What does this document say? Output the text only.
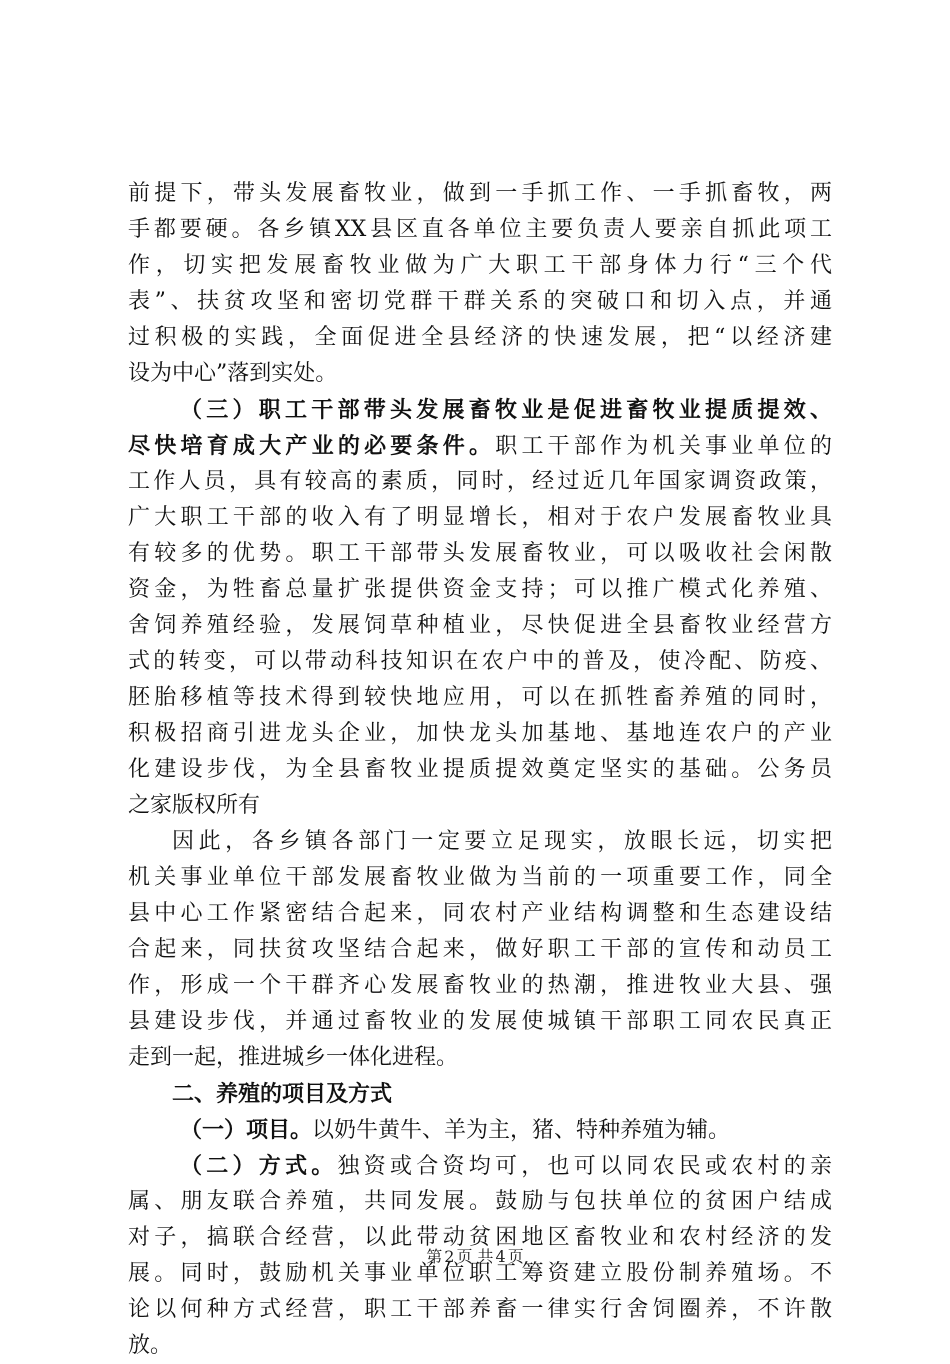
前提下，带头发展畜牧业，做到一手抓工作、一手抓畜牧，两
手都要硬。各乡镇XX县区直各单位主要负责人要亲自抓此项工
作，切实把发展畜牧业做为广大职工干部身体力行“三个代
表”、扶贫攻坚和密切党群干群关系的突破口和切入点，并通
过积极的实践，全面促进全县经济的快速发展，把“以经济建
设为中心”落到实处。
（三）职工干部带头发展畜牧业是促进畜牧业提质提效、
尽快培育成大产业的必要条件。职工干部作为机关事业单位的
工作人员，具有较高的素质，同时，经过近几年国家调资政策，
广大职工干部的收入有了明显增长，相对于农户发展畜牧业具
有较多的优势。职工干部带头发展畜牧业，可以吸收社会闲散
资金，为牲畜总量扩张提供资金支持；可以推广模式化养殖、
舍饲养殖经验，发展饲草种植业，尽快促进全县畜牧业经营方
式的转变，可以带动科技知识在农户中的普及，使冷配、防疫、
胚胎移植等技术得到较快地应用，可以在抓牲畜养殖的同时，
积极招商引进龙头企业，加快龙头加基地、基地连农户的产业
化建设步伐，为全县畜牧业提质提效奠定坚实的基础。公务员
之家版权所有
因此，各乡镇各部门一定要立足现实，放眼长远，切实把
机关事业单位干部发展畜牧业做为当前的一项重要工作，同全
县中心工作紧密结合起来，同农村产业结构调整和生态建设结
合起来，同扶贫攻坚结合起来，做好职工干部的宣传和动员工
作，形成一个干群齐心发展畜牧业的热潮，推进牧业大县、强
县建设步伐，并通过畜牧业的发展使城镇干部职工同农民真正
走到一起，推进城乡一体化进程。
二、养殖的项目及方式
（一）项目。以奶牛黄牛、羊为主，猪、特种养殖为辅。
（二）方式。独资或合资均可，也可以同农民或农村的亲
属、朋友联合养殖，共同发展。鼓励与包扶单位的贫困户结成
对子，搞联合经营，以此带动贫困地区畜牧业和农村经济的发
展。同时，鼓励机关事业单位职工筹资建立股份制养殖场。不
论以何种方式经营，职工干部养畜一律实行舍饲圈养，不许散
放。
第 2 页 共 4 页
